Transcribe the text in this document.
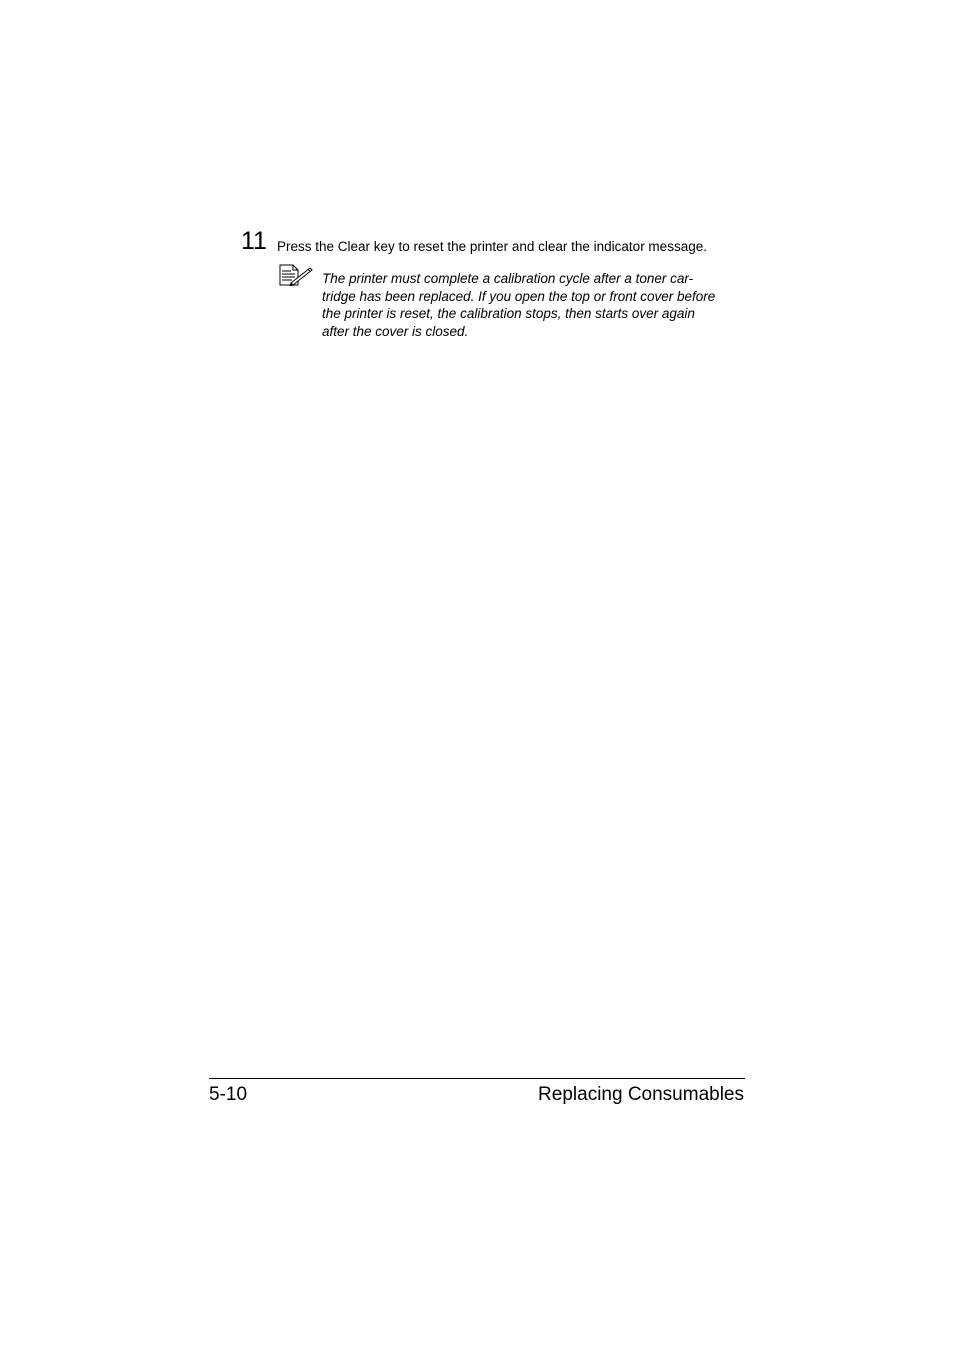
11 Press the Clear key to reset the printer and clear the indicator message.
The printer must complete a calibration cycle after a toner car-
tridge has been replaced. If you open the top or front cover before
the printer is reset, the calibration stops, then starts over again
after the cover is closed.
5-10	Replacing Consumables
